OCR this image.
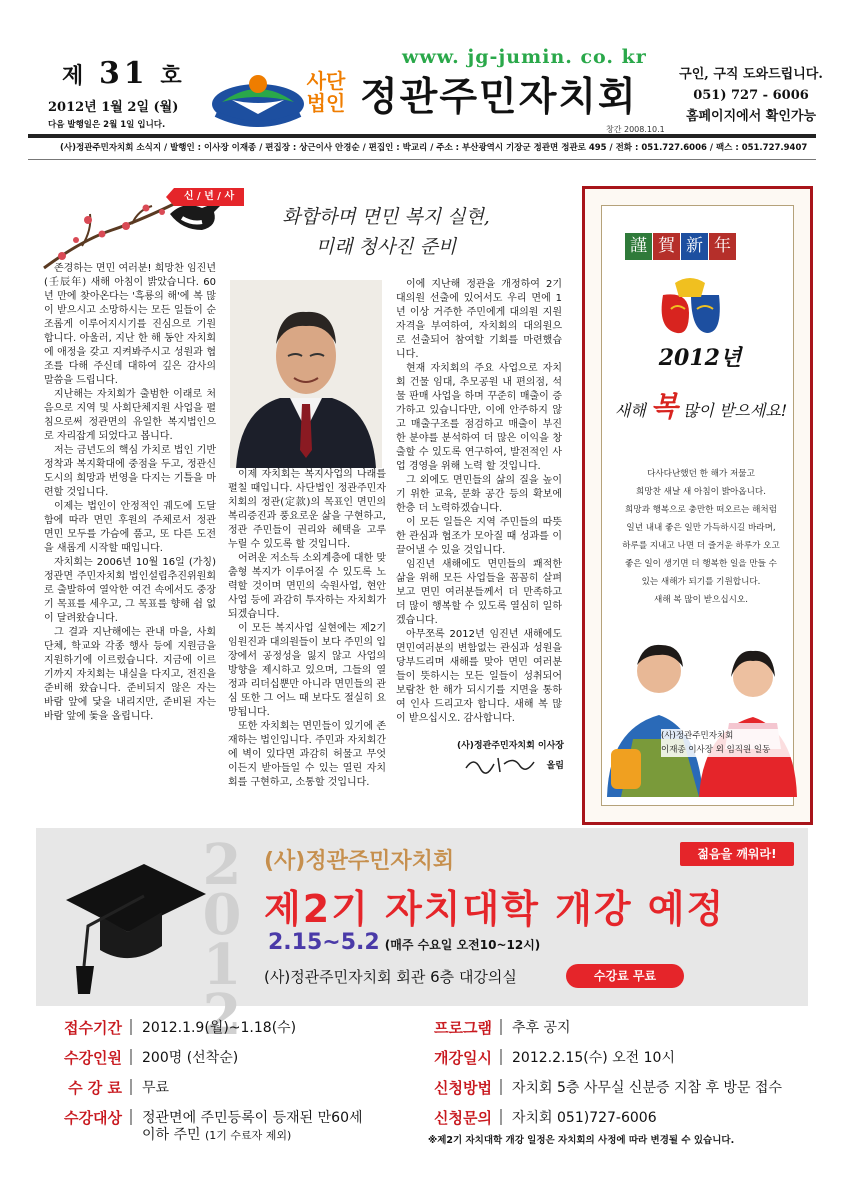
제 31 호
2012년 1월 2일 (월)
다음 발행일은 2월 1일 입니다.
www. jg-jumin. co. kr
사단
법인 정관주민자치회
창간 2008.10.1
구인, 구직 도와드립니다.
051) 727 - 6006
홈페이지에서 확인가능
(사)정관주민자치회 소식지 / 발행인 : 이사장 이재종 / 편집장 : 상근이사 안경순 / 편집인 : 박교리 / 주소 : 부산광역시 기장군 정관면 정관로 495 / 전화 : 051.727.6006 / 팩스 : 051.727.9407
신 / 년 / 사
화합하며 면민 복지 실현,
미래 청사진 준비

존경하는 면민 여러분! 희망찬 임진년(壬辰年) 새해 아침이 밝았습니다. 60년 만에 찾아온다는 '흑룡의 해'에 복 많이 받으시고 소망하시는 모든 일들이 순조롭게 이루어지시기를 진심으로 기원합니다. 아울러, 지난 한 해 동안 자치회에 애정을 갖고 지켜봐주시고 성원과 협조를 다해 주신데 대하여 깊은 감사의 말씀을 드립니다.

지난해는 자치회가 출범한 이래로 처음으로 지역 및 사회단체지원 사업을 펼침으로써 정관면의 유일한 복지법인으로 자리잡게 되었다고 봅니다.

저는 금년도의 핵심 가치로 법인 기반 정착과 복지확대에 중점을 두고, 정관신도시의 희망과 번영을 다지는 기틀을 마련할 것입니다.

이제는 법인이 안정적인 궤도에 도달함에 따라 면민 후원의 주체로서 정관 면민 모두를 가슴에 품고, 또 다른 도전을 새롭게 시작할 때입니다.

자치회는 2006년 10월 16일 (가칭) 정관면 주민자치회 법인설립추진위원회로 출발하여 열악한 여건 속에서도 중장기 목표를 세우고, 그 목표를 향해 쉼 없이 달려왔습니다.

그 결과 지난해에는 관내 마을, 사회단체, 학교와 각종 행사 등에 지원금을 지원하기에 이르렀습니다. 지금에 이르기까지 자치회는 내실을 다지고, 전진을 준비해 왔습니다. 준비되지 않은 자는 바람 앞에 닻을 내리지만, 준비된 자는 바람 앞에 돛을 올립니다.

이제 자치회는 복지사업의 나래를 펼칠 때입니다. 사단법인 정관주민자치회의 정관(定款)의 목표인 면민의 복리증진과 풍요로운 삶을 구현하고, 정관 주민들이 권리와 혜택을 고루 누릴 수 있도록 할 것입니다.

어려운 저소득 소외계층에 대한 맞춤형 복지가 이루어질 수 있도록 노력할 것이며 면민의 숙원사업, 현안사업 등에 과감히 투자하는 자치회가 되겠습니다.

이 모든 복지사업 실현에는 제2기 임원진과 대의원들이 보다 주민의 입장에서 공정성을 잃지 않고 사업의 방향을 제시하고 있으며, 그들의 열정과 리더십뿐만 아니라 면민들의 관심 또한 그 어느 때 보다도 절실히 요망됩니다.

또한 자치회는 면민들이 있기에 존재하는 법인입니다. 주민과 자치회간에 벽이 있다면 과감히 허물고 무엇이든지 받아들일 수 있는 열린 자치회를 구현하고, 소통할 것입니다.

이에 지난해 정관을 개정하여 2기 대의원 선출에 있어서도 우리 면에 1년 이상 거주한 주민에게 대의원 지원 자격을 부여하여, 자치회의 대의원으로 선출되어 참여할 기회를 마련했습니다.

현재 자치회의 주요 사업으로 자치회 건물 임대, 추모공원 내 편의점, 석물 판매 사업을 하며 꾸준히 매출이 증가하고 있습니다만, 이에 안주하지 않고 매출구조를 점검하고 매출이 부진한 분야를 분석하여 더 많은 이익을 창출할 수 있도록 연구하여, 발전적인 사업 경영을 위해 노력 할 것입니다.

그 외에도 면민들의 삶의 질을 높이기 위한 교육, 문화 공간 등의 확보에 한층 더 노력하겠습니다.

이 모든 일들은 지역 주민들의 따뜻한 관심과 협조가 모아질 때 성과를 이끌어낼 수 있을 것입니다.

임진년 새해에도 면민들의 쾌적한 삶을 위해 모든 사업들을 꼼꼼히 살펴보고 면민 여러분들께서 더 만족하고 더 많이 행복할 수 있도록 열심히 일하겠습니다.

아무쪼록 2012년 임진년 새해에도 면민여러분의 변함없는 관심과 성원을 당부드리며 새해를 맞아 면민 여러분들이 뜻하시는 모든 일들이 성취되어 보람찬 한 해가 되시기를 지면을 통하여 인사 드리고자 합니다. 새해 복 많이 받으십시오. 감사합니다.

(사)정관주민자치회 이사장
올림
謹 賀 新 年
2012년
새해 복 많이 받으세요!
다사다난했던 한 해가 저물고
희망찬 새날 새 아침이 밝아옵니다.
희망과 행복으로 충만한 떠오르는 해처럼
일년 내내 좋은 일만 가득하시길 바라며,
하루를 지내고 나면 더 즐거운 하루가 오고
좋은 일이 생기면 더 행복한 일을 만들 수
있는 새해가 되기를 기원합니다.
새해 복 많이 받으십시오.
(사)정관주민자치회
이재종 이사장 외 임직원 일동
2012
(사)정관주민자치회	젊음을 깨워라!
제2기 자치대학 개강 예정
2.15~5.2 (매주 수요일 오전10~12시)
(사)정관주민자치회 회관 6층 대강의실	수강료 무료
접수기간 2012.1.9(월)~1.18(수)
수강인원 200명 (선착순)
수 강 료 무료
수강대상 정관면에 주민등록이 등재된 만60세
이하 주민 (1기 수료자 제외)
프로그램 추후 공지
개강일시 2012.2.15(수) 오전 10시
신청방법 자치회 5층 사무실 신분증 지참 후 방문 접수
신청문의 자치회 051)727-6006
※제2기 자치대학 개강 일정은 자치회의 사정에 따라 변경될 수 있습니다.
